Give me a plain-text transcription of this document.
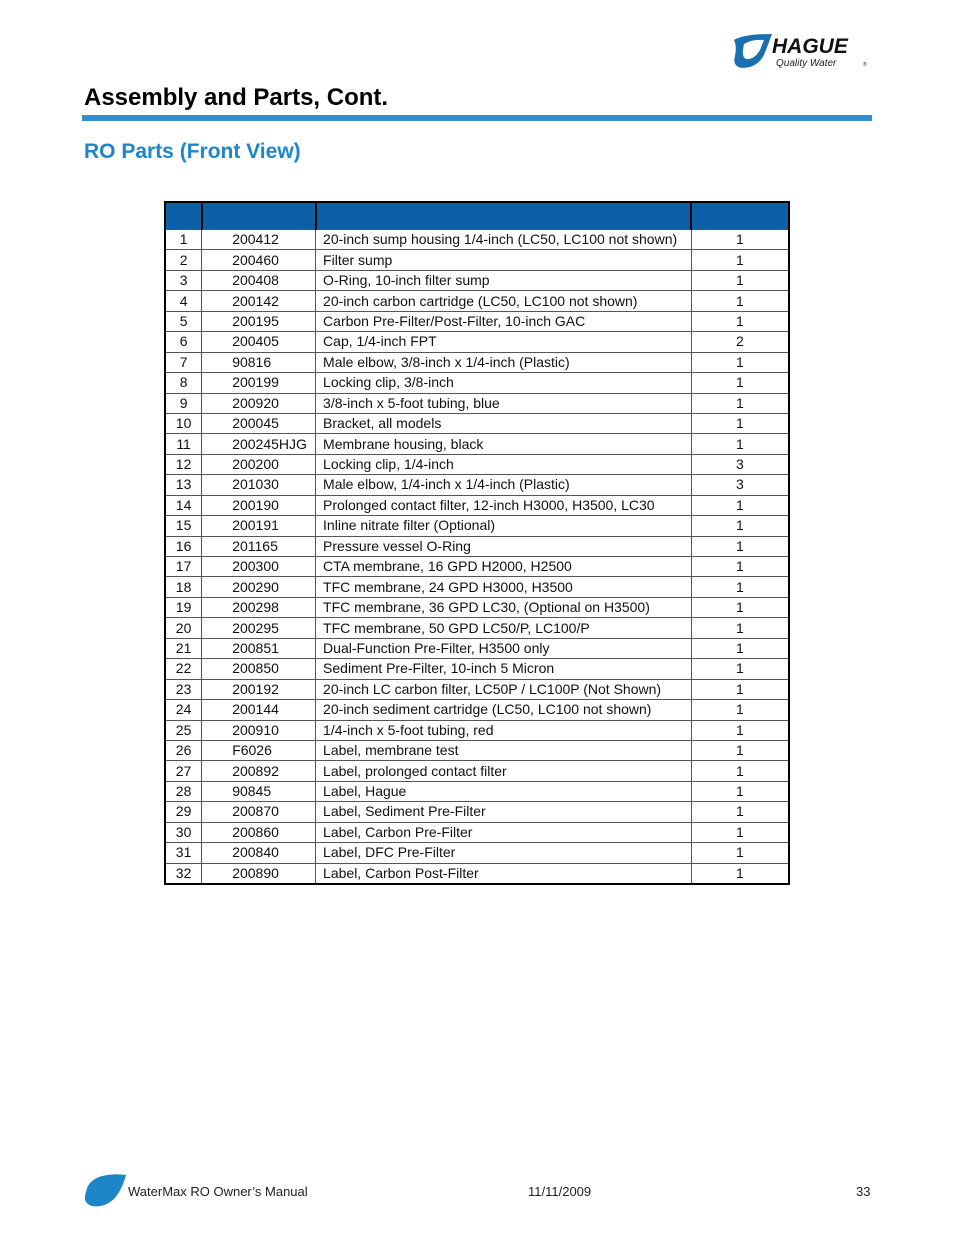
HAGUE
Quality Water	®
Assembly and Parts, Cont.
RO Parts (Front View)

1	200412	20-inch sump housing 1/4-inch (LC50, LC100 not shown)	1
2	200460	Filter sump	1
3	200408	O-Ring, 10-inch filter sump	1
4	200142	20-inch carbon cartridge (LC50, LC100 not shown)	1
5	200195	Carbon Pre-Filter/Post-Filter, 10-inch GAC	1
6	200405	Cap, 1/4-inch FPT	2
7	90816	Male elbow, 3/8-inch x 1/4-inch (Plastic)	1
8	200199	Locking clip, 3/8-inch	1
9	200920	3/8-inch x 5-foot tubing, blue	1
10	200045	Bracket, all models	1
11	200245HJG	Membrane housing, black	1
12	200200	Locking clip, 1/4-inch	3
13	201030	Male elbow, 1/4-inch x 1/4-inch (Plastic)	3
14	200190	Prolonged contact filter, 12-inch H3000, H3500, LC30	1
15	200191	Inline nitrate filter (Optional)	1
16	201165	Pressure vessel O-Ring	1
17	200300	CTA membrane, 16 GPD H2000, H2500	1
18	200290	TFC membrane, 24 GPD H3000, H3500	1
19	200298	TFC membrane, 36 GPD LC30, (Optional on H3500)	1
20	200295	TFC membrane, 50 GPD LC50/P, LC100/P	1
21	200851	Dual-Function Pre-Filter, H3500 only	1
22	200850	Sediment Pre-Filter, 10-inch 5 Micron	1
23	200192	20-inch LC carbon filter, LC50P / LC100P (Not Shown)	1
24	200144	20-inch sediment cartridge (LC50, LC100 not shown)	1
25	200910	1/4-inch x 5-foot tubing, red	1
26	F6026	Label, membrane test	1
27	200892	Label, prolonged contact filter	1
28	90845	Label, Hague	1
29	200870	Label, Sediment Pre-Filter	1
30	200860	Label, Carbon Pre-Filter	1
31	200840	Label, DFC Pre-Filter	1
32	200890	Label, Carbon Post-Filter	1
WaterMax RO Owner’s Manual	11/11/2009	33
